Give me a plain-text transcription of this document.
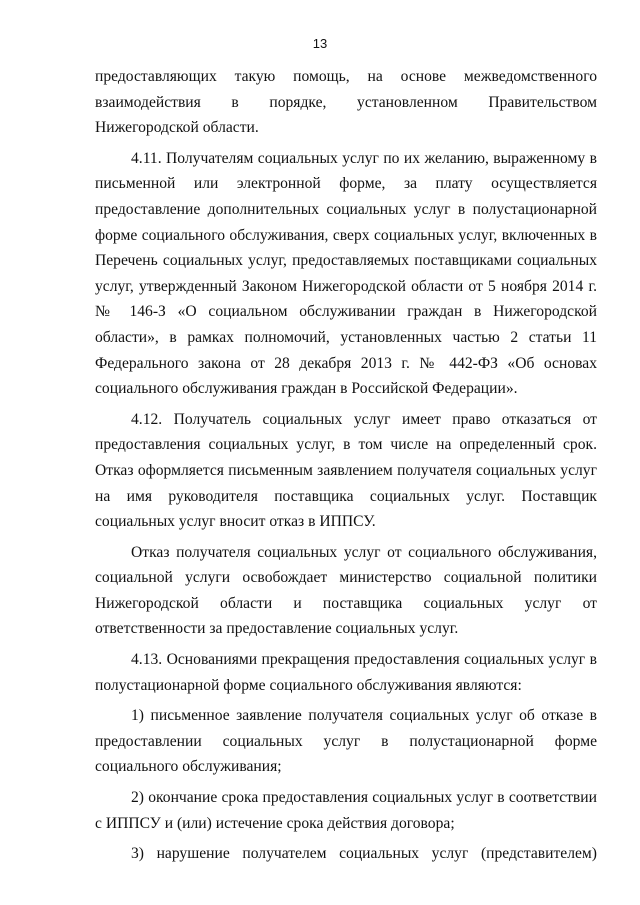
13

предоставляющих такую помощь, на основе межведомственного взаимодействия в порядке, установленном Правительством Нижегородской области.

4.11. Получателям социальных услуг по их желанию, выраженному в письменной или электронной форме, за плату осуществляется предоставление дополнительных социальных услуг в полустационарной форме социального обслуживания, сверх социальных услуг, включенных в Перечень социальных услуг, предоставляемых поставщиками социальных услуг, утвержденный Законом Нижегородской области от 5 ноября 2014 г. № 146-З «О социальном обслуживании граждан в Нижегородской области», в рамках полномочий, установленных частью 2 статьи 11 Федерального закона от 28 декабря 2013 г. № 442-ФЗ «Об основах социального обслуживания граждан в Российской Федерации».

4.12. Получатель социальных услуг имеет право отказаться от предоставления социальных услуг, в том числе на определенный срок. Отказ оформляется письменным заявлением получателя социальных услуг на имя руководителя поставщика социальных услуг. Поставщик социальных услуг вносит отказ в ИППСУ.

Отказ получателя социальных услуг от социального обслуживания, социальной услуги освобождает министерство социальной политики Нижегородской области и поставщика социальных услуг от ответственности за предоставление социальных услуг.

4.13. Основаниями прекращения предоставления социальных услуг в полустационарной форме социального обслуживания являются:

1) письменное заявление получателя социальных услуг об отказе в предоставлении социальных услуг в полустационарной форме социального обслуживания;

2) окончание срока предоставления социальных услуг в соответствии с ИППСУ и (или) истечение срока действия договора;

3) нарушение получателем социальных услуг (представителем)
